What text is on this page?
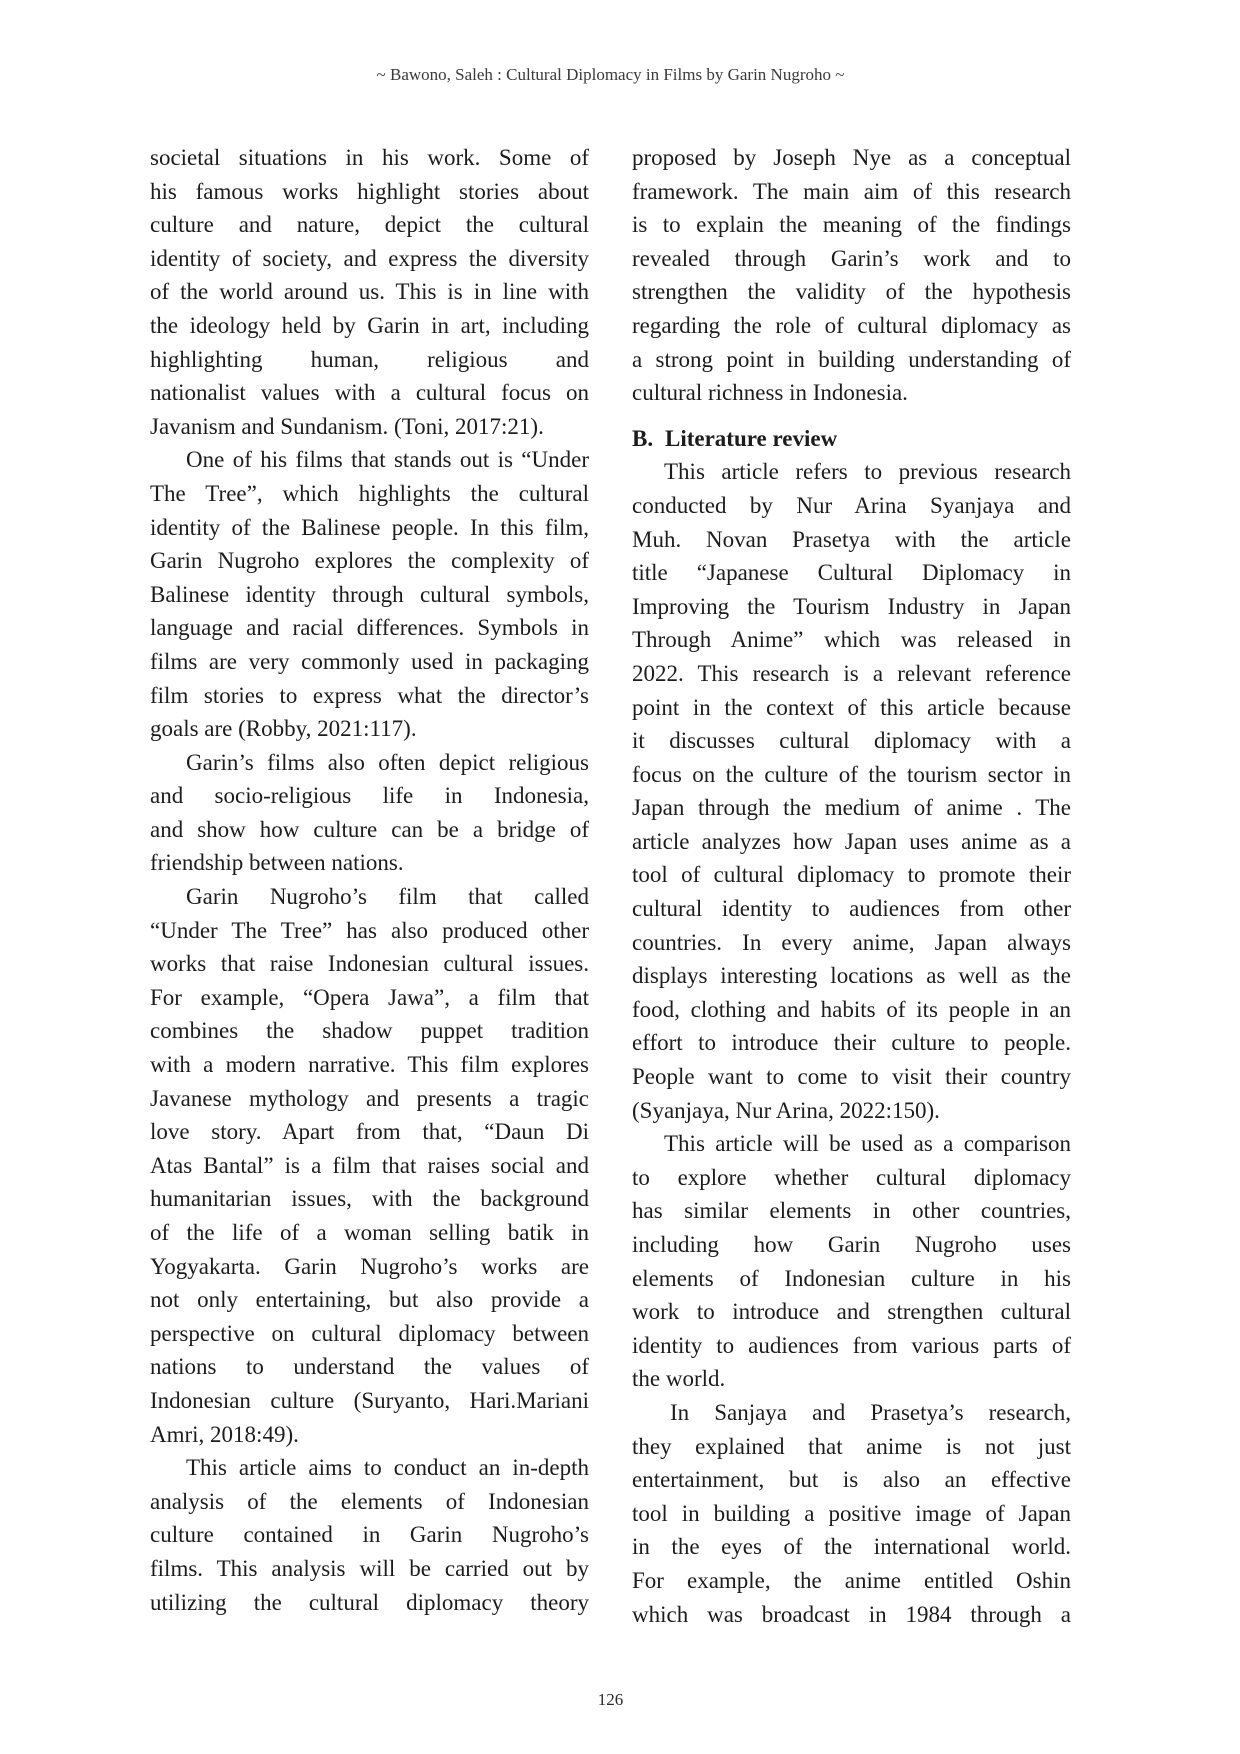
~ Bawono, Saleh : Cultural Diplomacy in Films by Garin Nugroho ~
societal situations in his work. Some of
his famous works highlight stories about
culture and nature, depict the cultural
identity of society, and express the diversity
of the world around us. This is in line with
the ideology held by Garin in art, including
highlighting human, religious and
nationalist values with a cultural focus on
Javanism and Sundanism. (Toni, 2017:21).
One of his films that stands out is “Under
The Tree”, which highlights the cultural
identity of the Balinese people. In this film,
Garin Nugroho explores the complexity of
Balinese identity through cultural symbols,
language and racial differences. Symbols in
films are very commonly used in packaging
film stories to express what the director’s
goals are (Robby, 2021:117).
Garin’s films also often depict religious
and socio-religious life in Indonesia,
and show how culture can be a bridge of
friendship between nations.
Garin Nugroho’s film that called
“Under The Tree” has also produced other
works that raise Indonesian cultural issues.
For example, “Opera Jawa”, a film that
combines the shadow puppet tradition
with a modern narrative. This film explores
Javanese mythology and presents a tragic
love story. Apart from that, “Daun Di
Atas Bantal” is a film that raises social and
humanitarian issues, with the background
of the life of a woman selling batik in
Yogyakarta. Garin Nugroho’s works are
not only entertaining, but also provide a
perspective on cultural diplomacy between
nations to understand the values of
Indonesian culture (Suryanto, Hari.Mariani
Amri, 2018:49).
This article aims to conduct an in-depth
analysis of the elements of Indonesian
culture contained in Garin Nugroho’s
films. This analysis will be carried out by
utilizing the cultural diplomacy theory
proposed by Joseph Nye as a conceptual
framework. The main aim of this research
is to explain the meaning of the findings
revealed through Garin’s work and to
strengthen the validity of the hypothesis
regarding the role of cultural diplomacy as
a strong point in building understanding of
cultural richness in Indonesia.
B. Literature review
This article refers to previous research
conducted by Nur Arina Syanjaya and
Muh. Novan Prasetya with the article
title “Japanese Cultural Diplomacy in
Improving the Tourism Industry in Japan
Through Anime” which was released in
2022. This research is a relevant reference
point in the context of this article because
it discusses cultural diplomacy with a
focus on the culture of the tourism sector in
Japan through the medium of anime . The
article analyzes how Japan uses anime as a
tool of cultural diplomacy to promote their
cultural identity to audiences from other
countries. In every anime, Japan always
displays interesting locations as well as the
food, clothing and habits of its people in an
effort to introduce their culture to people.
People want to come to visit their country
(Syanjaya, Nur Arina, 2022:150).
This article will be used as a comparison
to explore whether cultural diplomacy
has similar elements in other countries,
including how Garin Nugroho uses
elements of Indonesian culture in his
work to introduce and strengthen cultural
identity to audiences from various parts of
the world.
In Sanjaya and Prasetya’s research,
they explained that anime is not just
entertainment, but is also an effective
tool in building a positive image of Japan
in the eyes of the international world.
For example, the anime entitled Oshin
which was broadcast in 1984 through a
126
